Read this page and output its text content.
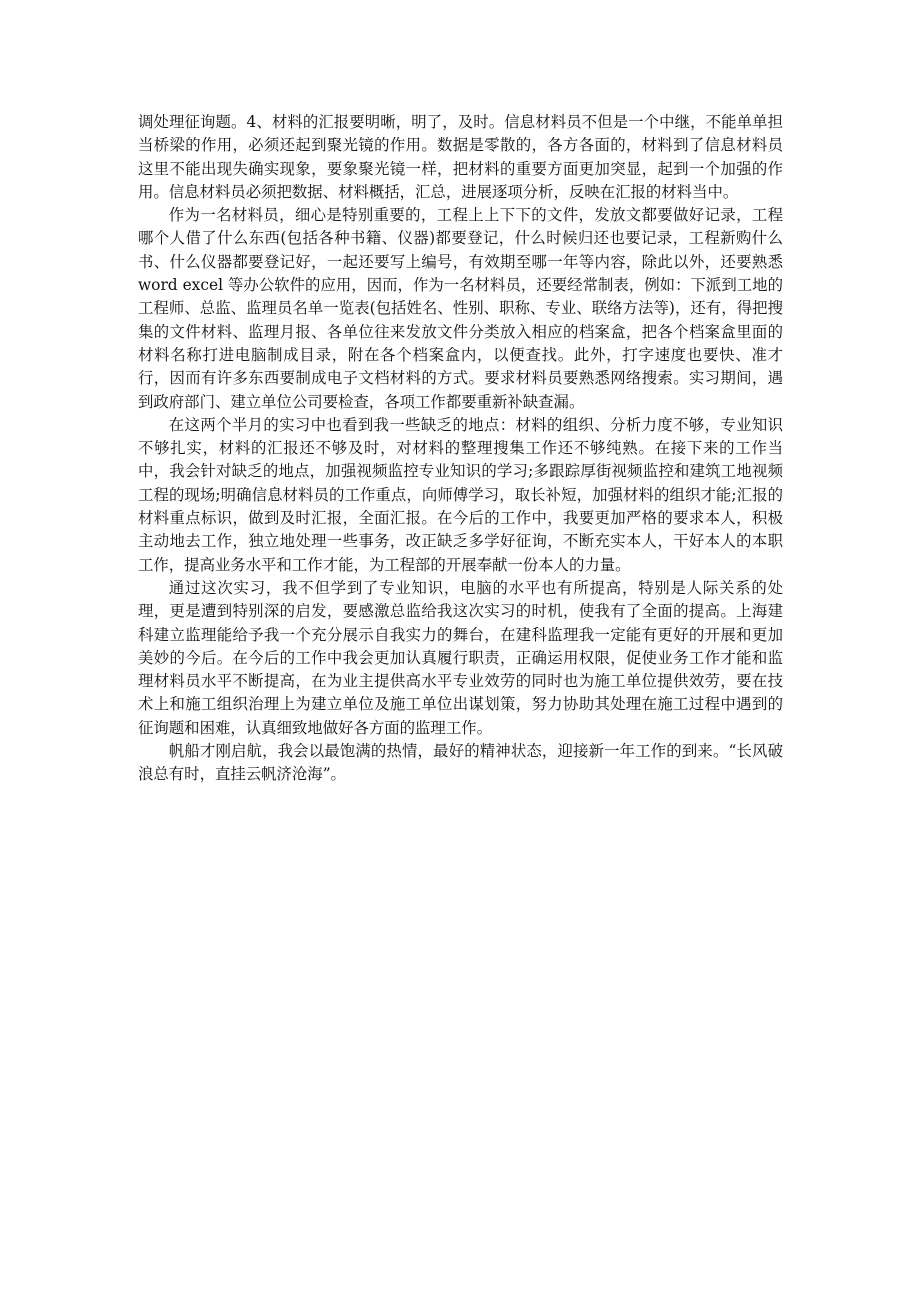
调处理征询题。4、材料的汇报要明晰，明了，及时。信息材料员不但是一个中继，不能单单担当桥梁的作用，必须还起到聚光镜的作用。数据是零散的，各方各面的，材料到了信息材料员这里不能出现失确实现象，要象聚光镜一样，把材料的重要方面更加突显，起到一个加强的作用。信息材料员必须把数据、材料概括，汇总，进展逐项分析，反映在汇报的材料当中。

作为一名材料员，细心是特别重要的，工程上上下下的文件，发放文都要做好记录，工程哪个人借了什么东西(包括各种书籍、仪器)都要登记，什么时候归还也要记录，工程新购什么书、什么仪器都要登记好，一起还要写上编号，有效期至哪一年等内容，除此以外，还要熟悉 word excel 等办公软件的应用，因而，作为一名材料员，还要经常制表，例如：下派到工地的工程师、总监、监理员名单一览表(包括姓名、性别、职称、专业、联络方法等)，还有，得把搜集的文件材料、监理月报、各单位往来发放文件分类放入相应的档案盒，把各个档案盒里面的材料名称打进电脑制成目录，附在各个档案盒内，以便查找。此外，打字速度也要快、准才行，因而有许多东西要制成电子文档材料的方式。要求材料员要熟悉网络搜索。实习期间，遇到政府部门、建立单位公司要检查，各项工作都要重新补缺查漏。

在这两个半月的实习中也看到我一些缺乏的地点：材料的组织、分析力度不够，专业知识不够扎实，材料的汇报还不够及时，对材料的整理搜集工作还不够纯熟。在接下来的工作当中，我会针对缺乏的地点，加强视频监控专业知识的学习;多跟踪厚街视频监控和建筑工地视频工程的现场;明确信息材料员的工作重点，向师傅学习，取长补短，加强材料的组织才能;汇报的材料重点标识，做到及时汇报，全面汇报。在今后的工作中，我要更加严格的要求本人，积极主动地去工作，独立地处理一些事务，改正缺乏多学好征询，不断充实本人，干好本人的本职工作，提高业务水平和工作才能，为工程部的开展奉献一份本人的力量。

通过这次实习，我不但学到了专业知识，电脑的水平也有所提高，特别是人际关系的处理，更是遭到特别深的启发，要感激总监给我这次实习的时机，使我有了全面的提高。上海建科建立监理能给予我一个充分展示自我实力的舞台，在建科监理我一定能有更好的开展和更加美妙的今后。在今后的工作中我会更加认真履行职责，正确运用权限，促使业务工作才能和监理材料员水平不断提高，在为业主提供高水平专业效劳的同时也为施工单位提供效劳，要在技术上和施工组织治理上为建立单位及施工单位出谋划策，努力协助其处理在施工过程中遇到的征询题和困难，认真细致地做好各方面的监理工作。

帆船才刚启航，我会以最饱满的热情，最好的精神状态，迎接新一年工作的到来。“长风破浪总有时，直挂云帆济沧海”。
